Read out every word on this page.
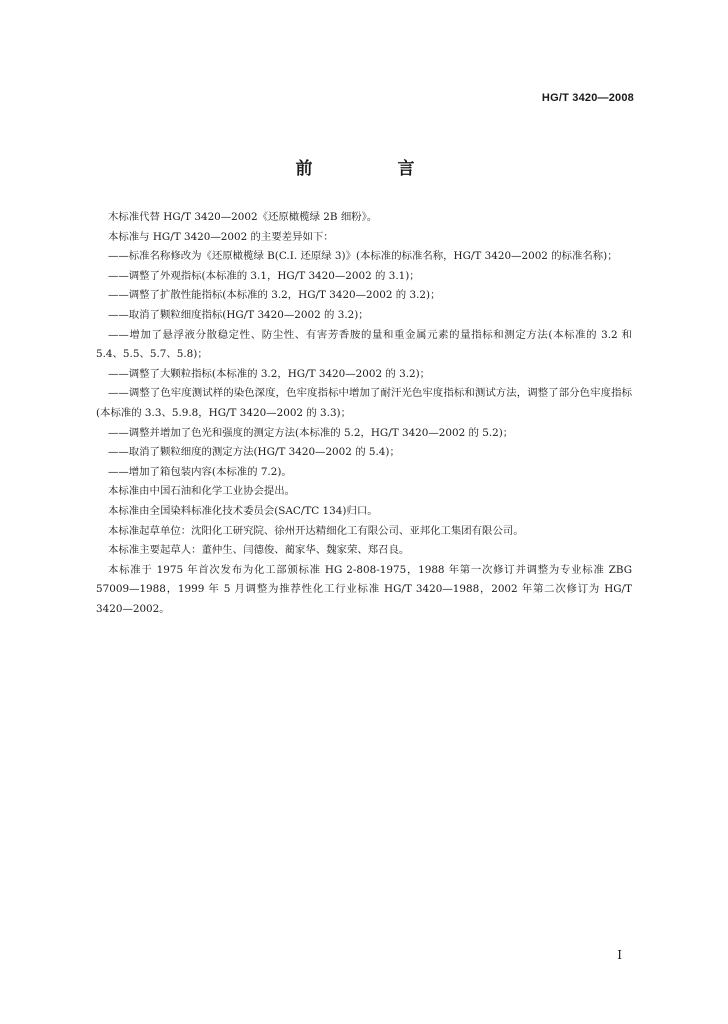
HG/T 3420—2008
前　言

木标准代替 HG/T 3420—2002《还原橄榄绿 2B 细粉》。

本标准与 HG/T 3420—2002 的主要差异如下：

——标准名称修改为《还原橄榄绿 B(C.I. 还原绿 3)》(本标准的标准名称，HG/T 3420—2002 的标准名称)；

——调整了外观指标(本标准的 3.1，HG/T 3420—2002 的 3.1)；

——调整了扩散性能指标(本标准的 3.2，HG/T 3420—2002 的 3.2)；

——取消了颗粒细度指标(HG/T 3420—2002 的 3.2)；

——增加了悬浮液分散稳定性、防尘性、有害芳香胺的量和重金属元素的量指标和测定方法(本标准的 3.2 和 5.4、5.5、5.7、5.8)；

——调整了大颗粒指标(本标准的 3.2，HG/T 3420—2002 的 3.2)；

——调整了色牢度测试样的染色深度，色牢度指标中增加了耐汗光色牢度指标和测试方法，调整了部分色牢度指标(本标准的 3.3、5.9.8，HG/T 3420—2002 的 3.3)；

——调整并增加了色光和强度的测定方法(本标准的 5.2，HG/T 3420—2002 的 5.2)；

——取消了颗粒细度的测定方法(HG/T 3420—2002 的 5.4)；

——增加了箱包装内容(本标准的 7.2)。

本标准由中国石油和化学工业协会提出。

本标准由全国染料标准化技术委员会(SAC/TC 134)归口。

本标准起草单位：沈阳化工研究院、徐州开达精细化工有限公司、亚邦化工集团有限公司。

本标准主要起草人：董仲生、闫德俊、蔺家华、魏家荣、郑召良。

本标准于 1975 年首次发布为化工部颁标准 HG 2-808-1975，1988 年第一次修订并调整为专业标准 ZBG 57009—1988，1999 年 5 月调整为推荐性化工行业标准 HG/T 3420—1988，2002 年第二次修订为 HG/T 3420—2002。

I
